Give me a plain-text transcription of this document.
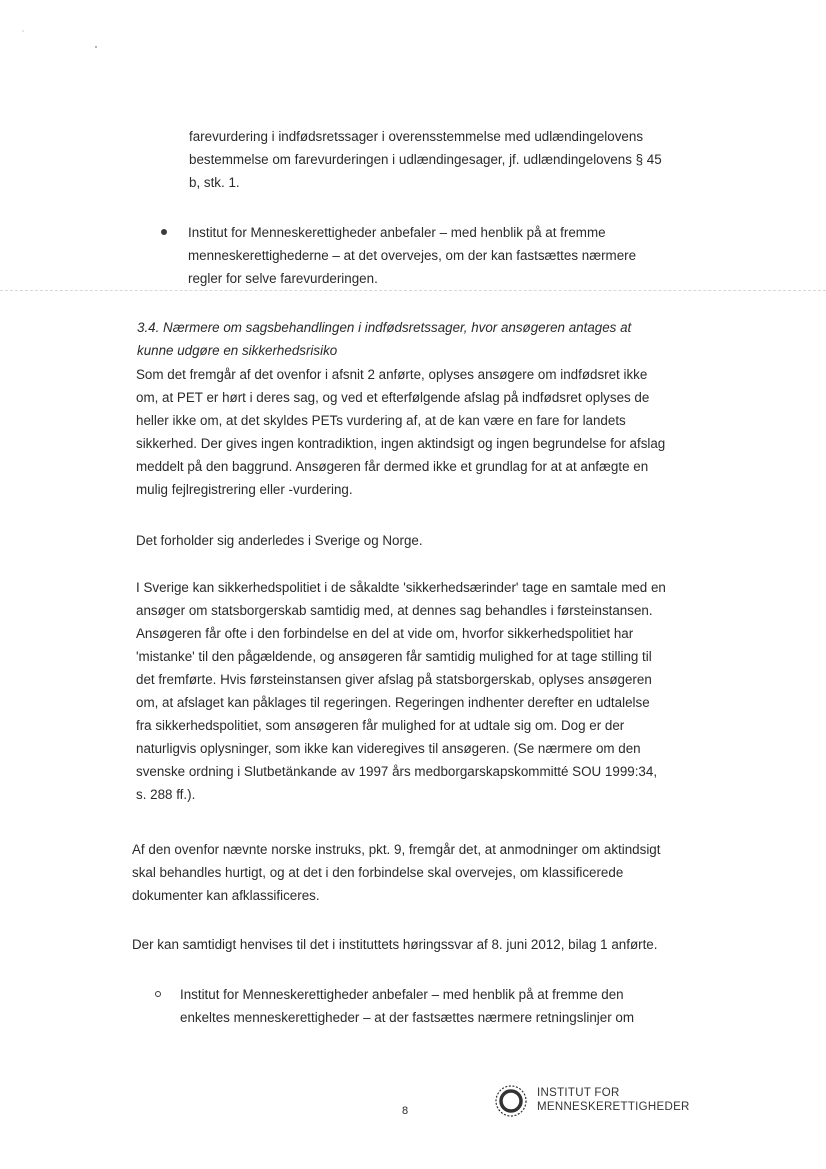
farevurdering i indfødsretssager i overensstemmelse med udlændingelovens
bestemmelse om farevurderingen i udlændingesager, jf. udlændingelovens § 45
b, stk. 1.
Institut for Menneskerettigheder anbefaler – med henblik på at fremme
menneskerettighederne – at det overvejes, om der kan fastsættes nærmere
regler for selve farevurderingen.
3.4. Nærmere om sagsbehandlingen i indfødsretssager, hvor ansøgeren antages at
kunne udgøre en sikkerhedsrisiko
Som det fremgår af det ovenfor i afsnit 2 anførte, oplyses ansøgere om indfødsret ikke
om, at PET er hørt i deres sag, og ved et efterfølgende afslag på indfødsret oplyses de
heller ikke om, at det skyldes PETs vurdering af, at de kan være en fare for landets
sikkerhed. Der gives ingen kontradiktion, ingen aktindsigt og ingen begrundelse for afslag
meddelt på den baggrund. Ansøgeren får dermed ikke et grundlag for at at anfægte en
mulig fejlregistrering eller -vurdering.
Det forholder sig anderledes i Sverige og Norge.
I Sverige kan sikkerhedspolitiet i de såkaldte 'sikkerhedsærinder' tage en samtale med en
ansøger om statsborgerskab samtidig med, at dennes sag behandles i førsteinstansen.
Ansøgeren får ofte i den forbindelse en del at vide om, hvorfor sikkerhedspolitiet har
'mistanke' til den pågældende, og ansøgeren får samtidig mulighed for at tage stilling til
det fremførte. Hvis førsteinstansen giver afslag på statsborgerskab, oplyses ansøgeren
om, at afslaget kan påklages til regeringen. Regeringen indhenter derefter en udtalelse
fra sikkerhedspolitiet, som ansøgeren får mulighed for at udtale sig om. Dog er der
naturligvis oplysninger, som ikke kan videregives til ansøgeren. (Se nærmere om den
svenske ordning i Slutbetänkande av 1997 års medborgarskapskommitté SOU 1999:34,
s. 288 ff.).
Af den ovenfor nævnte norske instruks, pkt. 9, fremgår det, at anmodninger om aktindsigt
skal behandles hurtigt, og at det i den forbindelse skal overvejes, om klassificerede
dokumenter kan afklassificeres.
Der kan samtidigt henvises til det i instituttets høringssvar af 8. juni 2012, bilag 1 anførte.
Institut for Menneskerettigheder anbefaler – med henblik på at fremme den
enkeltes menneskerettigheder – at der fastsættes nærmere retningslinjer om
8
INSTITUT FOR
MENNESKERETTIGHEDER
